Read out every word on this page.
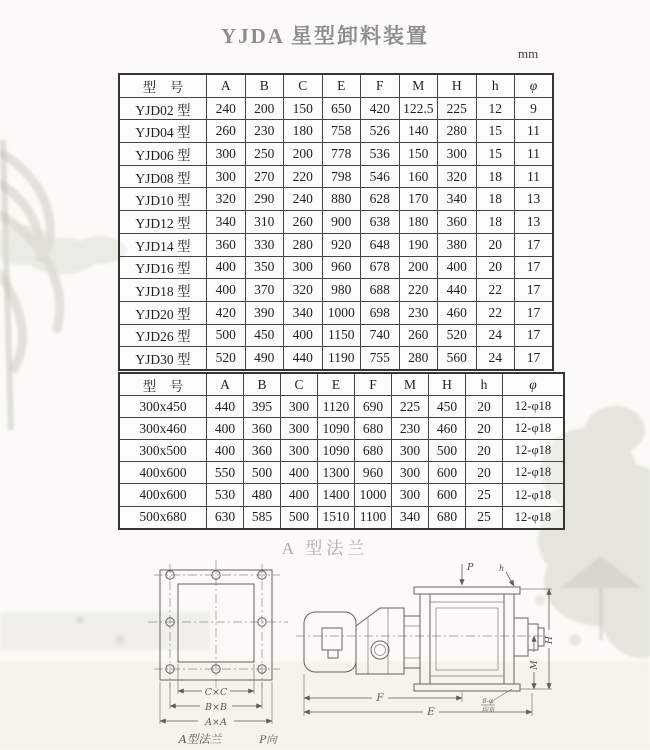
YJDA 星型卸料装置
mm
型　号	A	B	C	E	F	M	H	h	φ
YJD02 型	240	200	150	650	420	122.5	225	12	9
YJD04 型	260	230	180	758	526	140	280	15	11
YJD06 型	300	250	200	778	536	150	300	15	11
YJD08 型	300	270	220	798	546	160	320	18	11
YJD10 型	320	290	240	880	628	170	340	18	13
YJD12 型	340	310	260	900	638	180	360	18	13
YJD14 型	360	330	280	920	648	190	380	20	17
YJD16 型	400	350	300	960	678	200	400	20	17
YJD18 型	400	370	320	980	688	220	440	22	17
YJD20 型	420	390	340	1000	698	230	460	22	17
YJD26 型	500	450	400	1150	740	260	520	24	17
YJD30 型	520	490	440	1190	755	280	560	24	17
型　号	A	B	C	E	F	M	H	h	φ
300x450	440	395	300	1120	690	225	450	20	12-φ18
300x460	400	360	300	1090	680	230	460	20	12-φ18
300x500	400	360	300	1090	680	300	500	20	12-φ18
400x600	550	500	400	1300	960	300	600	20	12-φ18
400x600	530	480	400	1400	1000	300	600	25	12-φ18
500x680	630	585	500	1510	1100	340	680	25	12-φ18
A 型法兰
C×C
B×B
A×A
A型法兰	P向
P	h
M
H
F
E
8-φ
均布
